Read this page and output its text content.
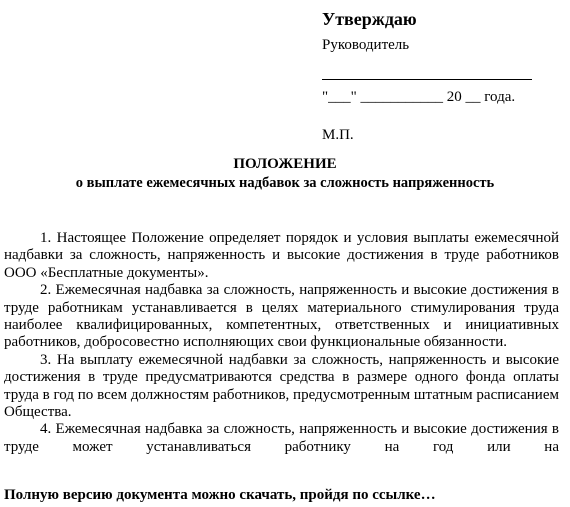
Утверждаю
Руководитель
"___" ___________ 20 __ года.
М.П.
ПОЛОЖЕНИЕ
о выплате ежемесячных надбавок за сложность напряженность

1. Настоящее Положение определяет порядок и условия выплаты ежемесячной надбавки за сложность, напряженность и высокие достижения в труде работников ООО «Бесплатные документы».

2. Ежемесячная надбавка за сложность, напряженность и высокие достижения в труде работникам устанавливается в целях материального стимулирования труда наиболее квалифицированных, компетентных, ответственных и инициативных работников, добросовестно исполняющих свои функциональные обязанности.

3. На выплату ежемесячной надбавки за сложность, напряженность и высокие достижения в труде предусматриваются средства в размере одного фонда оплаты труда в год по всем должностям работников, предусмотренным штатным расписанием Общества.

4. Ежемесячная надбавка за сложность, напряженность и высокие достижения в труде может устанавливаться работнику на год или на

Полную версию документа можно скачать, пройдя по ссылке…
